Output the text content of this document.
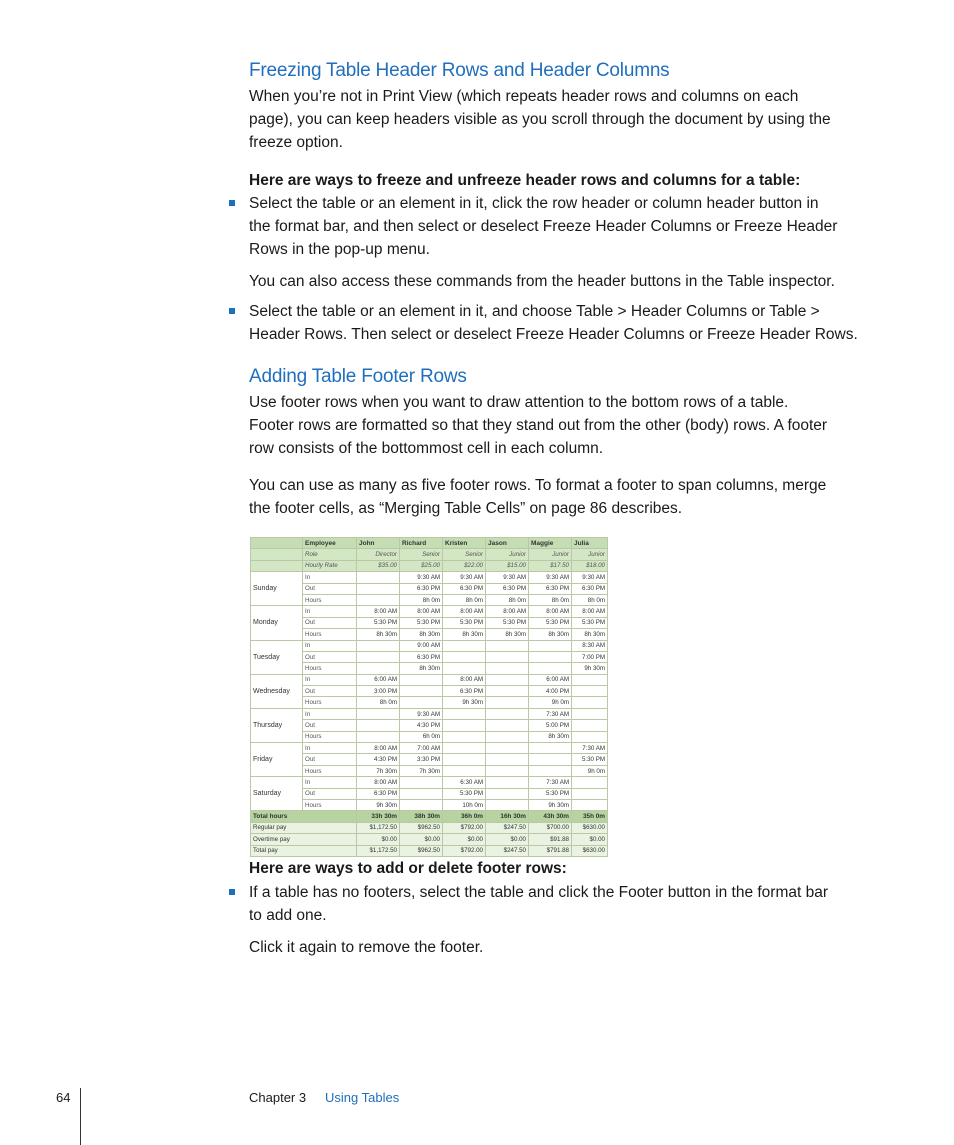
Freezing Table Header Rows and Header Columns

When you’re not in Print View (which repeats header rows and columns on each
page), you can keep headers visible as you scroll through the document by using the
freeze option.

Here are ways to freeze and unfreeze header rows and columns for a table:

Select the table or an element in it, click the row header or column header button in
the format bar, and then select or deselect Freeze Header Columns or Freeze Header
Rows in the pop-up menu.

You can also access these commands from the header buttons in the Table inspector.

Select the table or an element in it, and choose Table > Header Columns or Table >
Header Rows. Then select or deselect Freeze Header Columns or Freeze Header Rows.

Adding Table Footer Rows

Use footer rows when you want to draw attention to the bottom rows of a table.
Footer rows are formatted so that they stand out from the other (body) rows. A footer
row consists of the bottommost cell in each column.

You can use as many as five footer rows. To format a footer to span columns, merge
the footer cells, as “Merging Table Cells” on page 86 describes.

	Employee	John	Richard	Kristen	Jason	Maggie	Julia
	Role	Director	Senior	Senior	Junior	Junior	Junior
	Hourly Rate	$35.00	$25.00	$22.00	$15.00	$17.50	$18.00
Sunday	In		9:30 AM	9:30 AM	9:30 AM	9:30 AM	9:30 AM
	Out		6:30 PM	6:30 PM	6:30 PM	6:30 PM	6:30 PM
	Hours		8h 0m	8h 0m	8h 0m	8h 0m	8h 0m
Monday	In	8:00 AM	8:00 AM	8:00 AM	8:00 AM	8:00 AM	8:00 AM
	Out	5:30 PM	5:30 PM	5:30 PM	5:30 PM	5:30 PM	5:30 PM
	Hours	8h 30m	8h 30m	8h 30m	8h 30m	8h 30m	8h 30m
Tuesday	In		9:00 AM				8:30 AM
	Out		6:30 PM				7:00 PM
	Hours		8h 30m				9h 30m
Wednesday	In	6:00 AM		8:00 AM		6:00 AM	
	Out	3:00 PM		6:30 PM		4:00 PM	
	Hours	8h 0m		9h 30m		9h 0m	
Thursday	In		9:30 AM			7:30 AM	
	Out		4:30 PM			5:00 PM	
	Hours		6h 0m			8h 30m	
Friday	In	8:00 AM	7:00 AM				7:30 AM
	Out	4:30 PM	3:30 PM				5:30 PM
	Hours	7h 30m	7h 30m				9h 0m
Saturday	In	8:00 AM		6:30 AM		7:30 AM	
	Out	6:30 PM		5:30 PM		5:30 PM	
	Hours	9h 30m		10h 0m		9h 30m	
Total hours		33h 30m	38h 30m	36h 0m	16h 30m	43h 30m	35h 0m
Regular pay		$1,172.50	$962.50	$792.00	$247.50	$700.00	$630.00
Overtime pay		$0.00	$0.00	$0.00	$0.00	$91.88	$0.00
Total pay		$1,172.50	$962.50	$792.00	$247.50	$791.88	$630.00

Here are ways to add or delete footer rows:

If a table has no footers, select the table and click the Footer button in the format bar
to add one.

Click it again to remove the footer.

64	Chapter 3 Using Tables
